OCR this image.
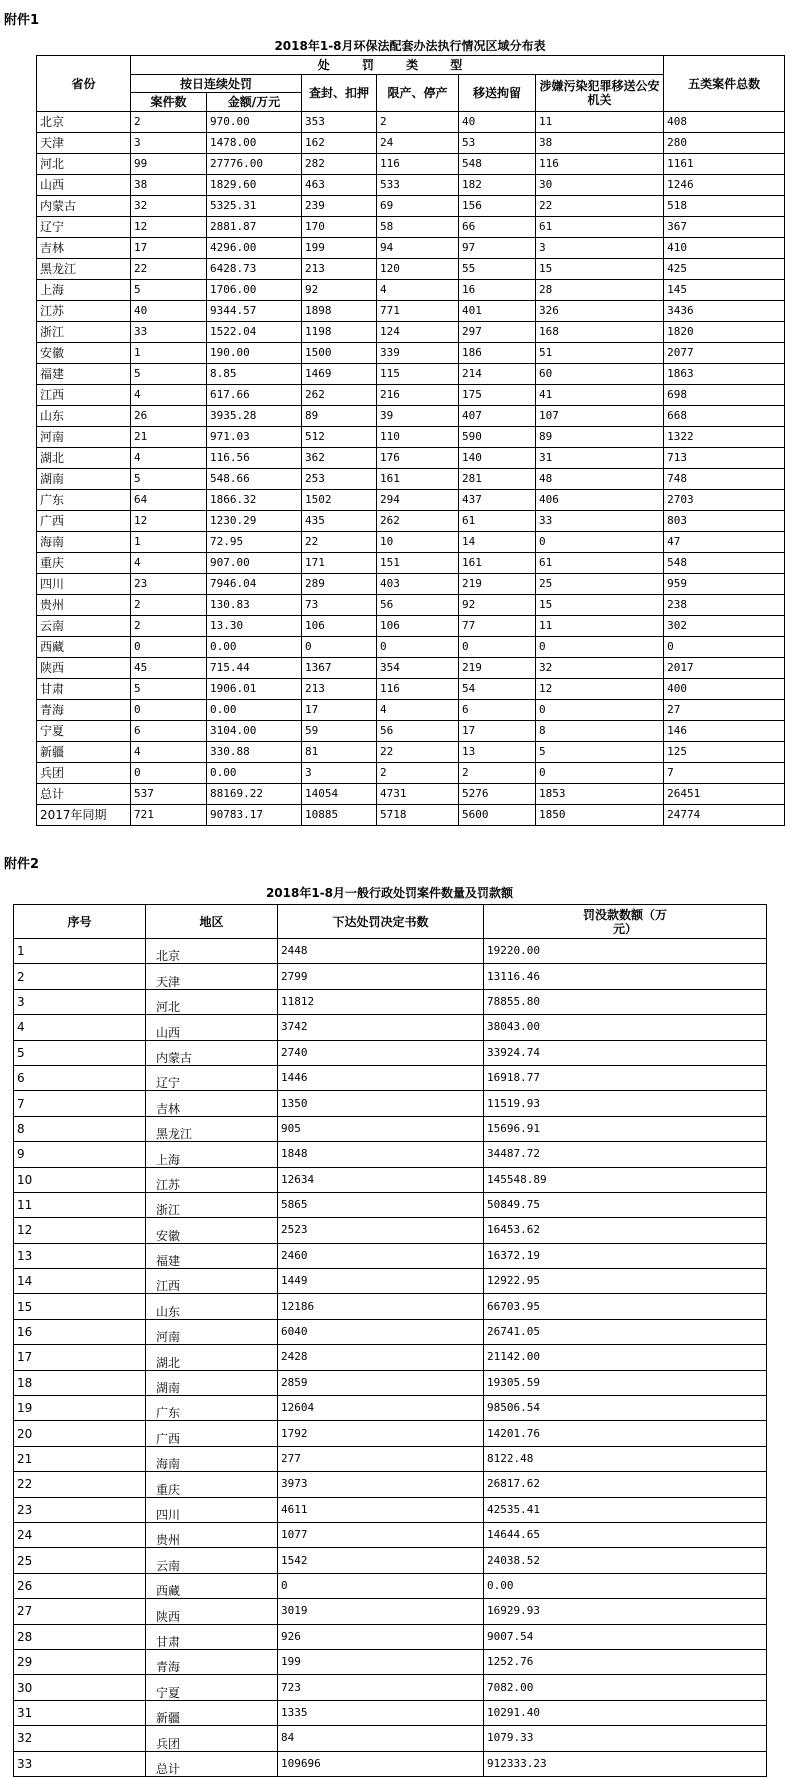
附件1
2018年1-8月环保法配套办法执行情况区域分布表
省份	处 罚 类 型						五类案件总数
	按日连续处罚		查封、扣押	限产、停产	移送拘留	涉嫌污染犯罪移送公安机关	
	案件数	金额/万元					
北京	2	970.00	353	2	40	11	408
天津	3	1478.00	162	24	53	38	280
河北	99	27776.00	282	116	548	116	1161
山西	38	1829.60	463	533	182	30	1246
内蒙古	32	5325.31	239	69	156	22	518
辽宁	12	2881.87	170	58	66	61	367
吉林	17	4296.00	199	94	97	3	410
黑龙江	22	6428.73	213	120	55	15	425
上海	5	1706.00	92	4	16	28	145
江苏	40	9344.57	1898	771	401	326	3436
浙江	33	1522.04	1198	124	297	168	1820
安徽	1	190.00	1500	339	186	51	2077
福建	5	8.85	1469	115	214	60	1863
江西	4	617.66	262	216	175	41	698
山东	26	3935.28	89	39	407	107	668
河南	21	971.03	512	110	590	89	1322
湖北	4	116.56	362	176	140	31	713
湖南	5	548.66	253	161	281	48	748
广东	64	1866.32	1502	294	437	406	2703
广西	12	1230.29	435	262	61	33	803
海南	1	72.95	22	10	14	0	47
重庆	4	907.00	171	151	161	61	548
四川	23	7946.04	289	403	219	25	959
贵州	2	130.83	73	56	92	15	238
云南	2	13.30	106	106	77	11	302
西藏	0	0.00	0	0	0	0	0
陕西	45	715.44	1367	354	219	32	2017
甘肃	5	1906.01	213	116	54	12	400
青海	0	0.00	17	4	6	0	27
宁夏	6	3104.00	59	56	17	8	146
新疆	4	330.88	81	22	13	5	125
兵团	0	0.00	3	2	2	0	7
总计	537	88169.22	14054	4731	5276	1853	26451
2017年同期	721	90783.17	10885	5718	5600	1850	24774
附件2
2018年1-8月一般行政处罚案件数量及罚款额
序号	地区	下达处罚决定书数	罚没款数额（万元）
1	北京	2448	19220.00
2	天津	2799	13116.46
3	河北	11812	78855.80
4	山西	3742	38043.00
5	内蒙古	2740	33924.74
6	辽宁	1446	16918.77
7	吉林	1350	11519.93
8	黑龙江	905	15696.91
9	上海	1848	34487.72
10	江苏	12634	145548.89
11	浙江	5865	50849.75
12	安徽	2523	16453.62
13	福建	2460	16372.19
14	江西	1449	12922.95
15	山东	12186	66703.95
16	河南	6040	26741.05
17	湖北	2428	21142.00
18	湖南	2859	19305.59
19	广东	12604	98506.54
20	广西	1792	14201.76
21	海南	277	8122.48
22	重庆	3973	26817.62
23	四川	4611	42535.41
24	贵州	1077	14644.65
25	云南	1542	24038.52
26	西藏	0	0.00
27	陕西	3019	16929.93
28	甘肃	926	9007.54
29	青海	199	1252.76
30	宁夏	723	7082.00
31	新疆	1335	10291.40
32	兵团	84	1079.33
33	总计	109696	912333.23
